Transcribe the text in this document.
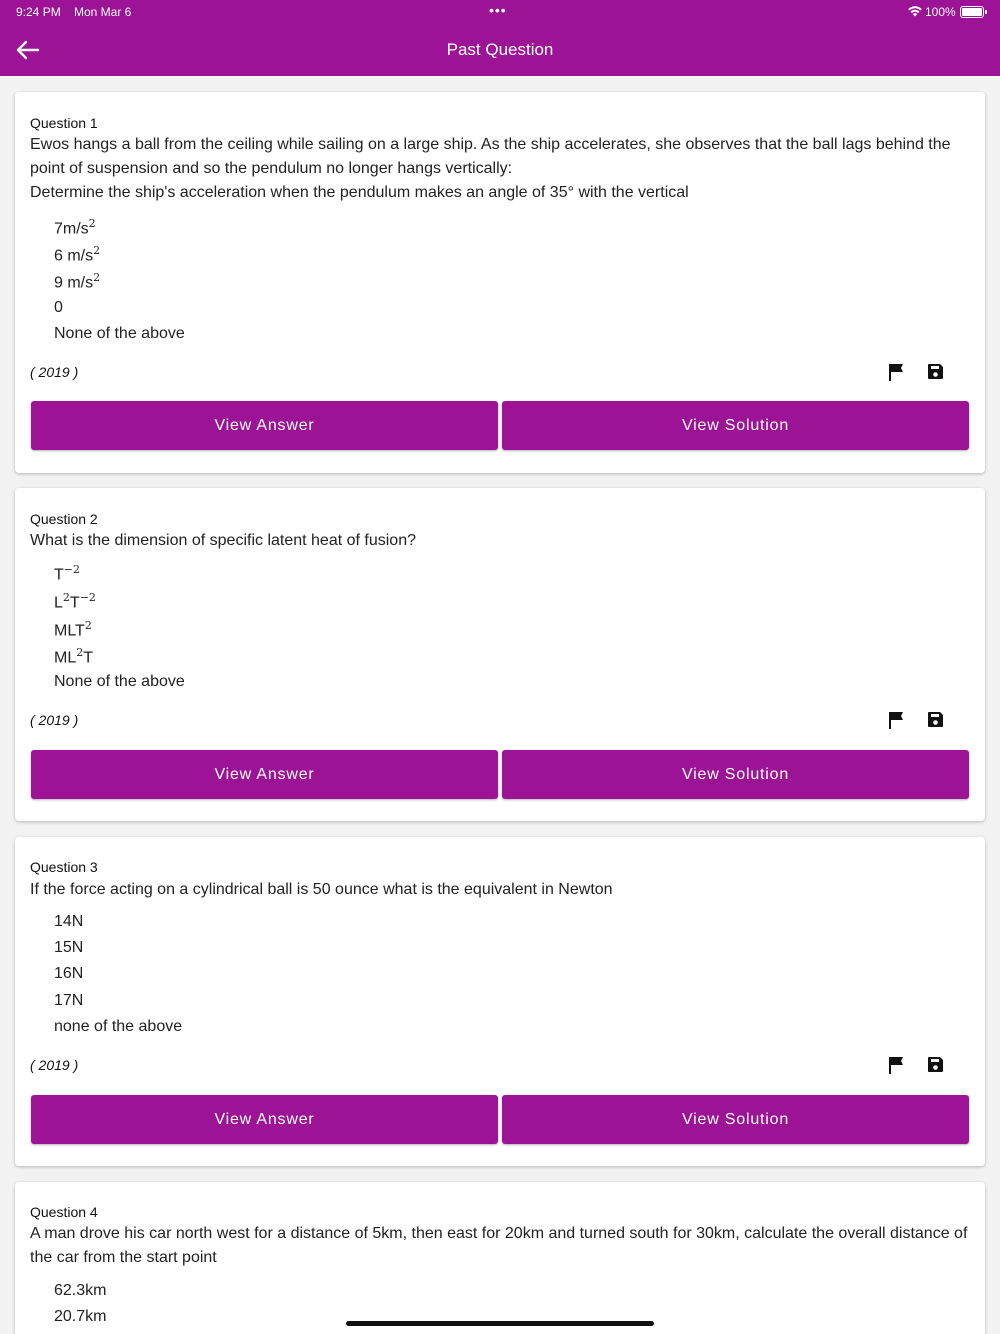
9:24 PM Mon Mar 6	•••	100%
Past Question
Question 1
Ewos hangs a ball from the ceiling while sailing on a large ship. As the ship accelerates, she observes that the ball lags behind the point of suspension and so the pendulum no longer hangs vertically:
Determine the ship's acceleration when the pendulum makes an angle of 35° with the vertical
$7m/s^2$
6 $m/s^2$
9 $m/s^2$
0
None of the above
( 2019 )
View Answer	View Solution
Question 2
What is the dimension of specific latent heat of fusion?
$T^{-2}$
$L^2T^{-2}$
MLT$^2$
$ML^2T$
None of the above
( 2019 )
View Answer	View Solution
Question 3
If the force acting on a cylindrical ball is 50 ounce what is the equivalent in Newton
14N
15N
16N
17N
none of the above
( 2019 )
View Answer	View Solution
Question 4
A man drove his car north west for a distance of 5km, then east for 20km and turned south for 30km, calculate the overall distance of the car from the start point
62.3km
20.7km
